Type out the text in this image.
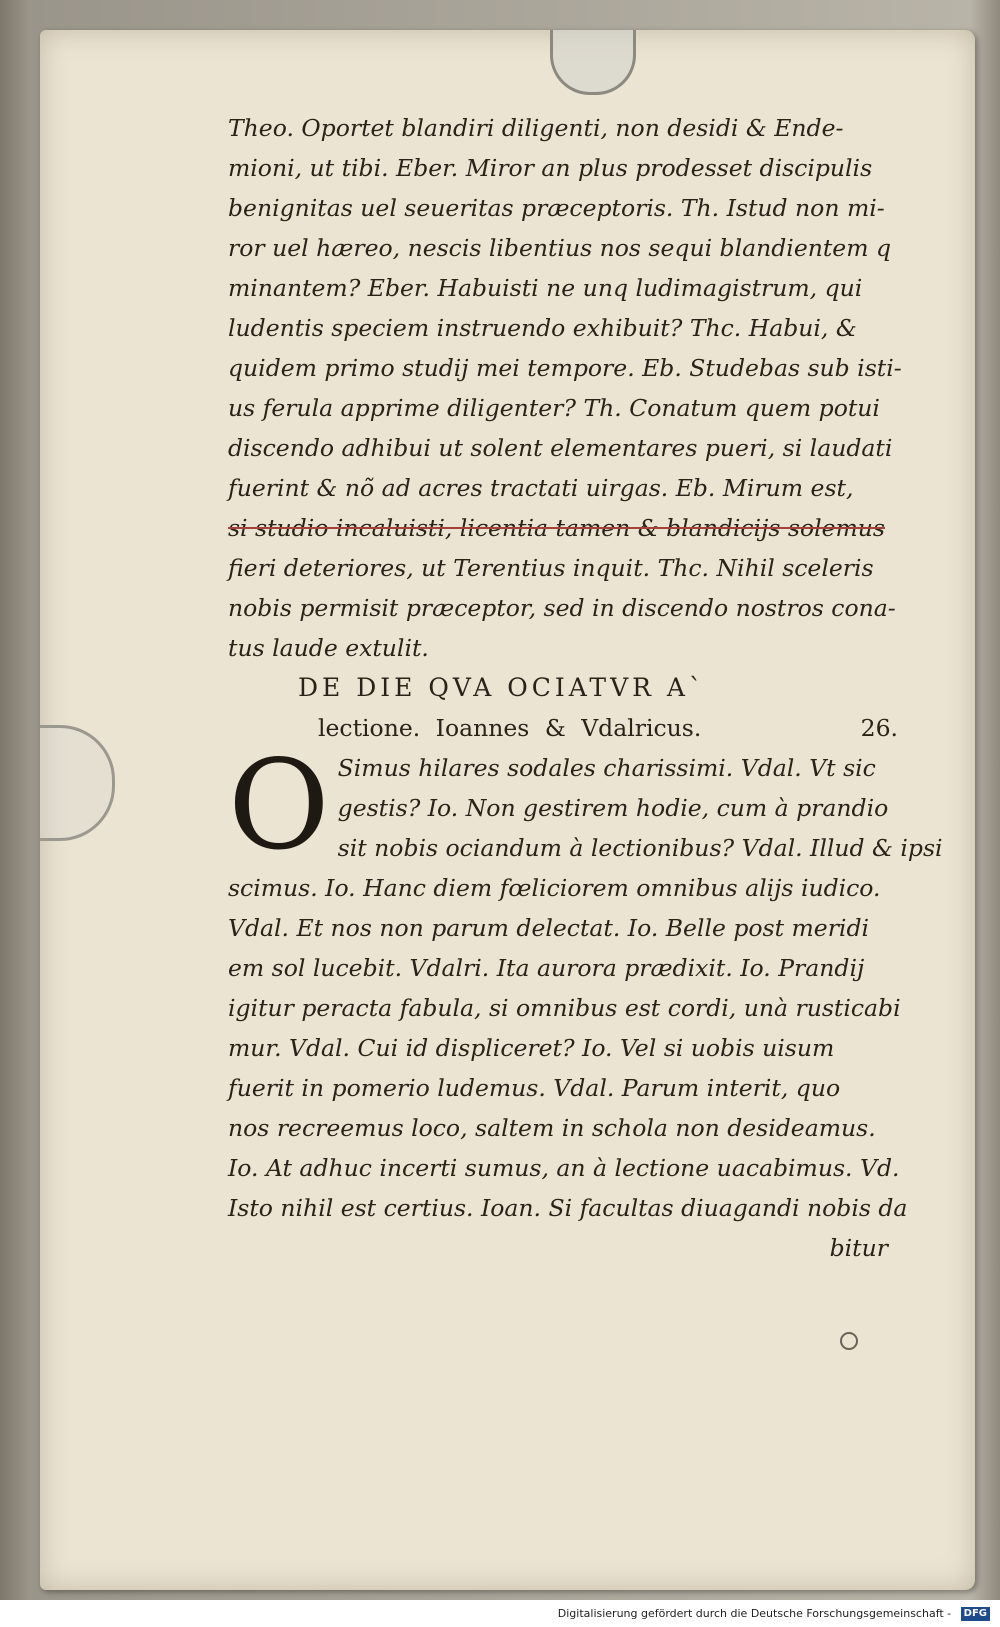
Theo. Oportet blandiri diligenti, non desidi & Ende-
mioni, ut tibi. Eber. Miror an plus prodesset discipulis
benignitas uel seueritas præceptoris. Th. Istud non mi-
ror uel hæreo, nescis libentius nos sequi blandientem q
minantem? Eber. Habuisti ne unq ludimagistrum, qui
ludentis speciem instruendo exhibuit? Thc. Habui, &
quidem primo studij mei tempore. Eb. Studebas sub isti-
us ferula apprime diligenter? Th. Conatum quem potui
discendo adhibui ut solent elementares pueri, si laudati
fuerint & nõ ad acres tractati uirgas. Eb. Mirum est,
si studio incaluisti, licentia tamen & blandicijs solemus
fieri deteriores, ut Terentius inquit. Thc. Nihil sceleris
nobis permisit præceptor, sed in discendo nostros cona-
tus laude extulit.
DE DIE QVA OCIATVR A`
lectione. Ioannes & Vdalricus.	26.
O Simus hilares sodales charissimi. Vdal. Vt sic
gestis? Io. Non gestirem hodie, cum à prandio
sit nobis ociandum à lectionibus? Vdal. Illud & ipsi
scimus. Io. Hanc diem fœliciorem omnibus alijs iudico.
Vdal. Et nos non parum delectat. Io. Belle post meridi
em sol lucebit. Vdalri. Ita aurora prædixit. Io. Prandij
igitur peracta fabula, si omnibus est cordi, unà rusticabi
mur. Vdal. Cui id displiceret? Io. Vel si uobis uisum
fuerit in pomerio ludemus. Vdal. Parum interit, quo
nos recreemus loco, saltem in schola non desideamus.
Io. At adhuc incerti sumus, an à lectione uacabimus. Vd.
Isto nihil est certius. Ioan. Si facultas diuagandi nobis da
bitur
Digitalisierung gefördert durch die Deutsche Forschungsgemeinschaft - DFG
